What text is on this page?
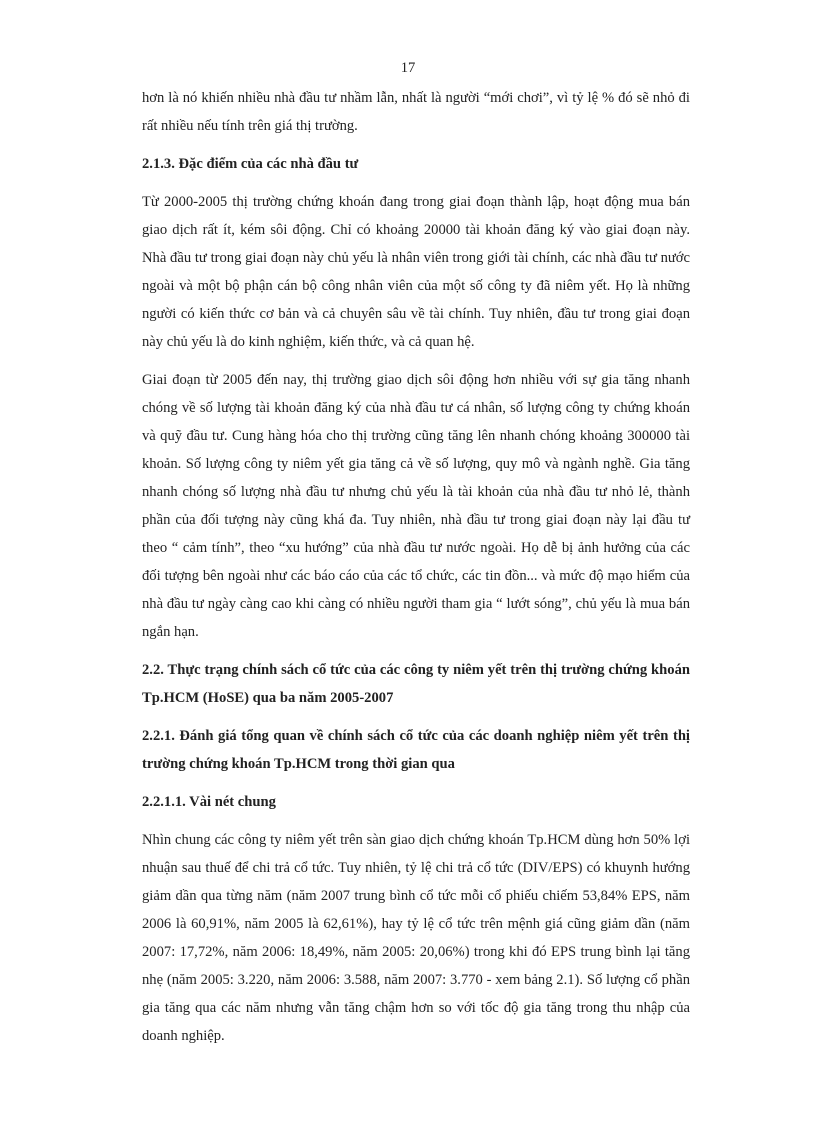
17

hơn là nó khiến nhiều nhà đầu tư nhầm lẫn, nhất là người “mới chơi”, vì tỷ lệ % đó sẽ nhỏ đi rất nhiều nếu tính trên giá thị trường.

2.1.3. Đặc điểm của các nhà đầu tư

Từ 2000-2005 thị trường chứng khoán đang trong giai đoạn thành lập, hoạt động mua bán giao dịch rất ít, kém sôi động. Chỉ có khoảng 20000 tài khoản đăng ký vào giai đoạn này. Nhà đầu tư trong giai đoạn này chủ yếu là nhân viên trong giới tài chính, các nhà đầu tư nước ngoài và một bộ phận cán bộ công nhân viên của một số công ty đã niêm yết. Họ là những người có kiến thức cơ bản và cả chuyên sâu về tài chính. Tuy nhiên, đầu tư trong giai đoạn này chủ yếu là do kinh nghiệm, kiến thức, và cả quan hệ.

Giai đoạn từ 2005 đến nay, thị trường giao dịch sôi động hơn nhiều với sự gia tăng nhanh chóng về số lượng tài khoản đăng ký của nhà đầu tư cá nhân, số lượng công ty chứng khoán và quỹ đầu tư. Cung hàng hóa cho thị trường cũng tăng lên nhanh chóng khoảng 300000 tài khoản. Số lượng công ty niêm yết gia tăng cả về số lượng, quy mô và ngành nghề. Gia tăng nhanh chóng số lượng nhà đầu tư nhưng chủ yếu là tài khoản của nhà đầu tư nhỏ lẻ, thành phần của đối tượng này cũng khá đa. Tuy nhiên, nhà đầu tư trong giai đoạn này lại đầu tư theo “ cảm tính”, theo “xu hướng” của nhà đầu tư nước ngoài. Họ dễ bị ảnh hưởng của các đối tượng bên ngoài như các báo cáo của các tổ chức, các tin đồn... và mức độ mạo hiểm của nhà đầu tư ngày càng cao khi càng có nhiều người tham gia “ lướt sóng”, chủ yếu là mua bán ngắn hạn.

2.2. Thực trạng chính sách cổ tức của các công ty niêm yết trên thị trường chứng khoán Tp.HCM (HoSE) qua ba năm 2005-2007
2.2.1. Đánh giá tổng quan về chính sách cổ tức của các doanh nghiệp niêm yết trên thị trường chứng khoán Tp.HCM trong thời gian qua
2.2.1.1. Vài nét chung

Nhìn chung các công ty niêm yết trên sàn giao dịch chứng khoán Tp.HCM dùng hơn 50% lợi nhuận sau thuế để chi trả cổ tức. Tuy nhiên, tỷ lệ chi trả cổ tức (DIV/EPS) có khuynh hướng giảm dần qua từng năm (năm 2007 trung bình cổ tức mỗi cổ phiếu chiếm 53,84% EPS, năm 2006 là 60,91%, năm 2005 là 62,61%), hay tỷ lệ cổ tức trên mệnh giá cũng giảm dần (năm 2007: 17,72%, năm 2006: 18,49%, năm 2005: 20,06%) trong khi đó EPS trung bình lại tăng nhẹ (năm 2005: 3.220, năm 2006: 3.588, năm 2007: 3.770 - xem bảng 2.1). Số lượng cổ phần gia tăng qua các năm nhưng vẫn tăng chậm hơn so với tốc độ gia tăng trong thu nhập của doanh nghiệp.
